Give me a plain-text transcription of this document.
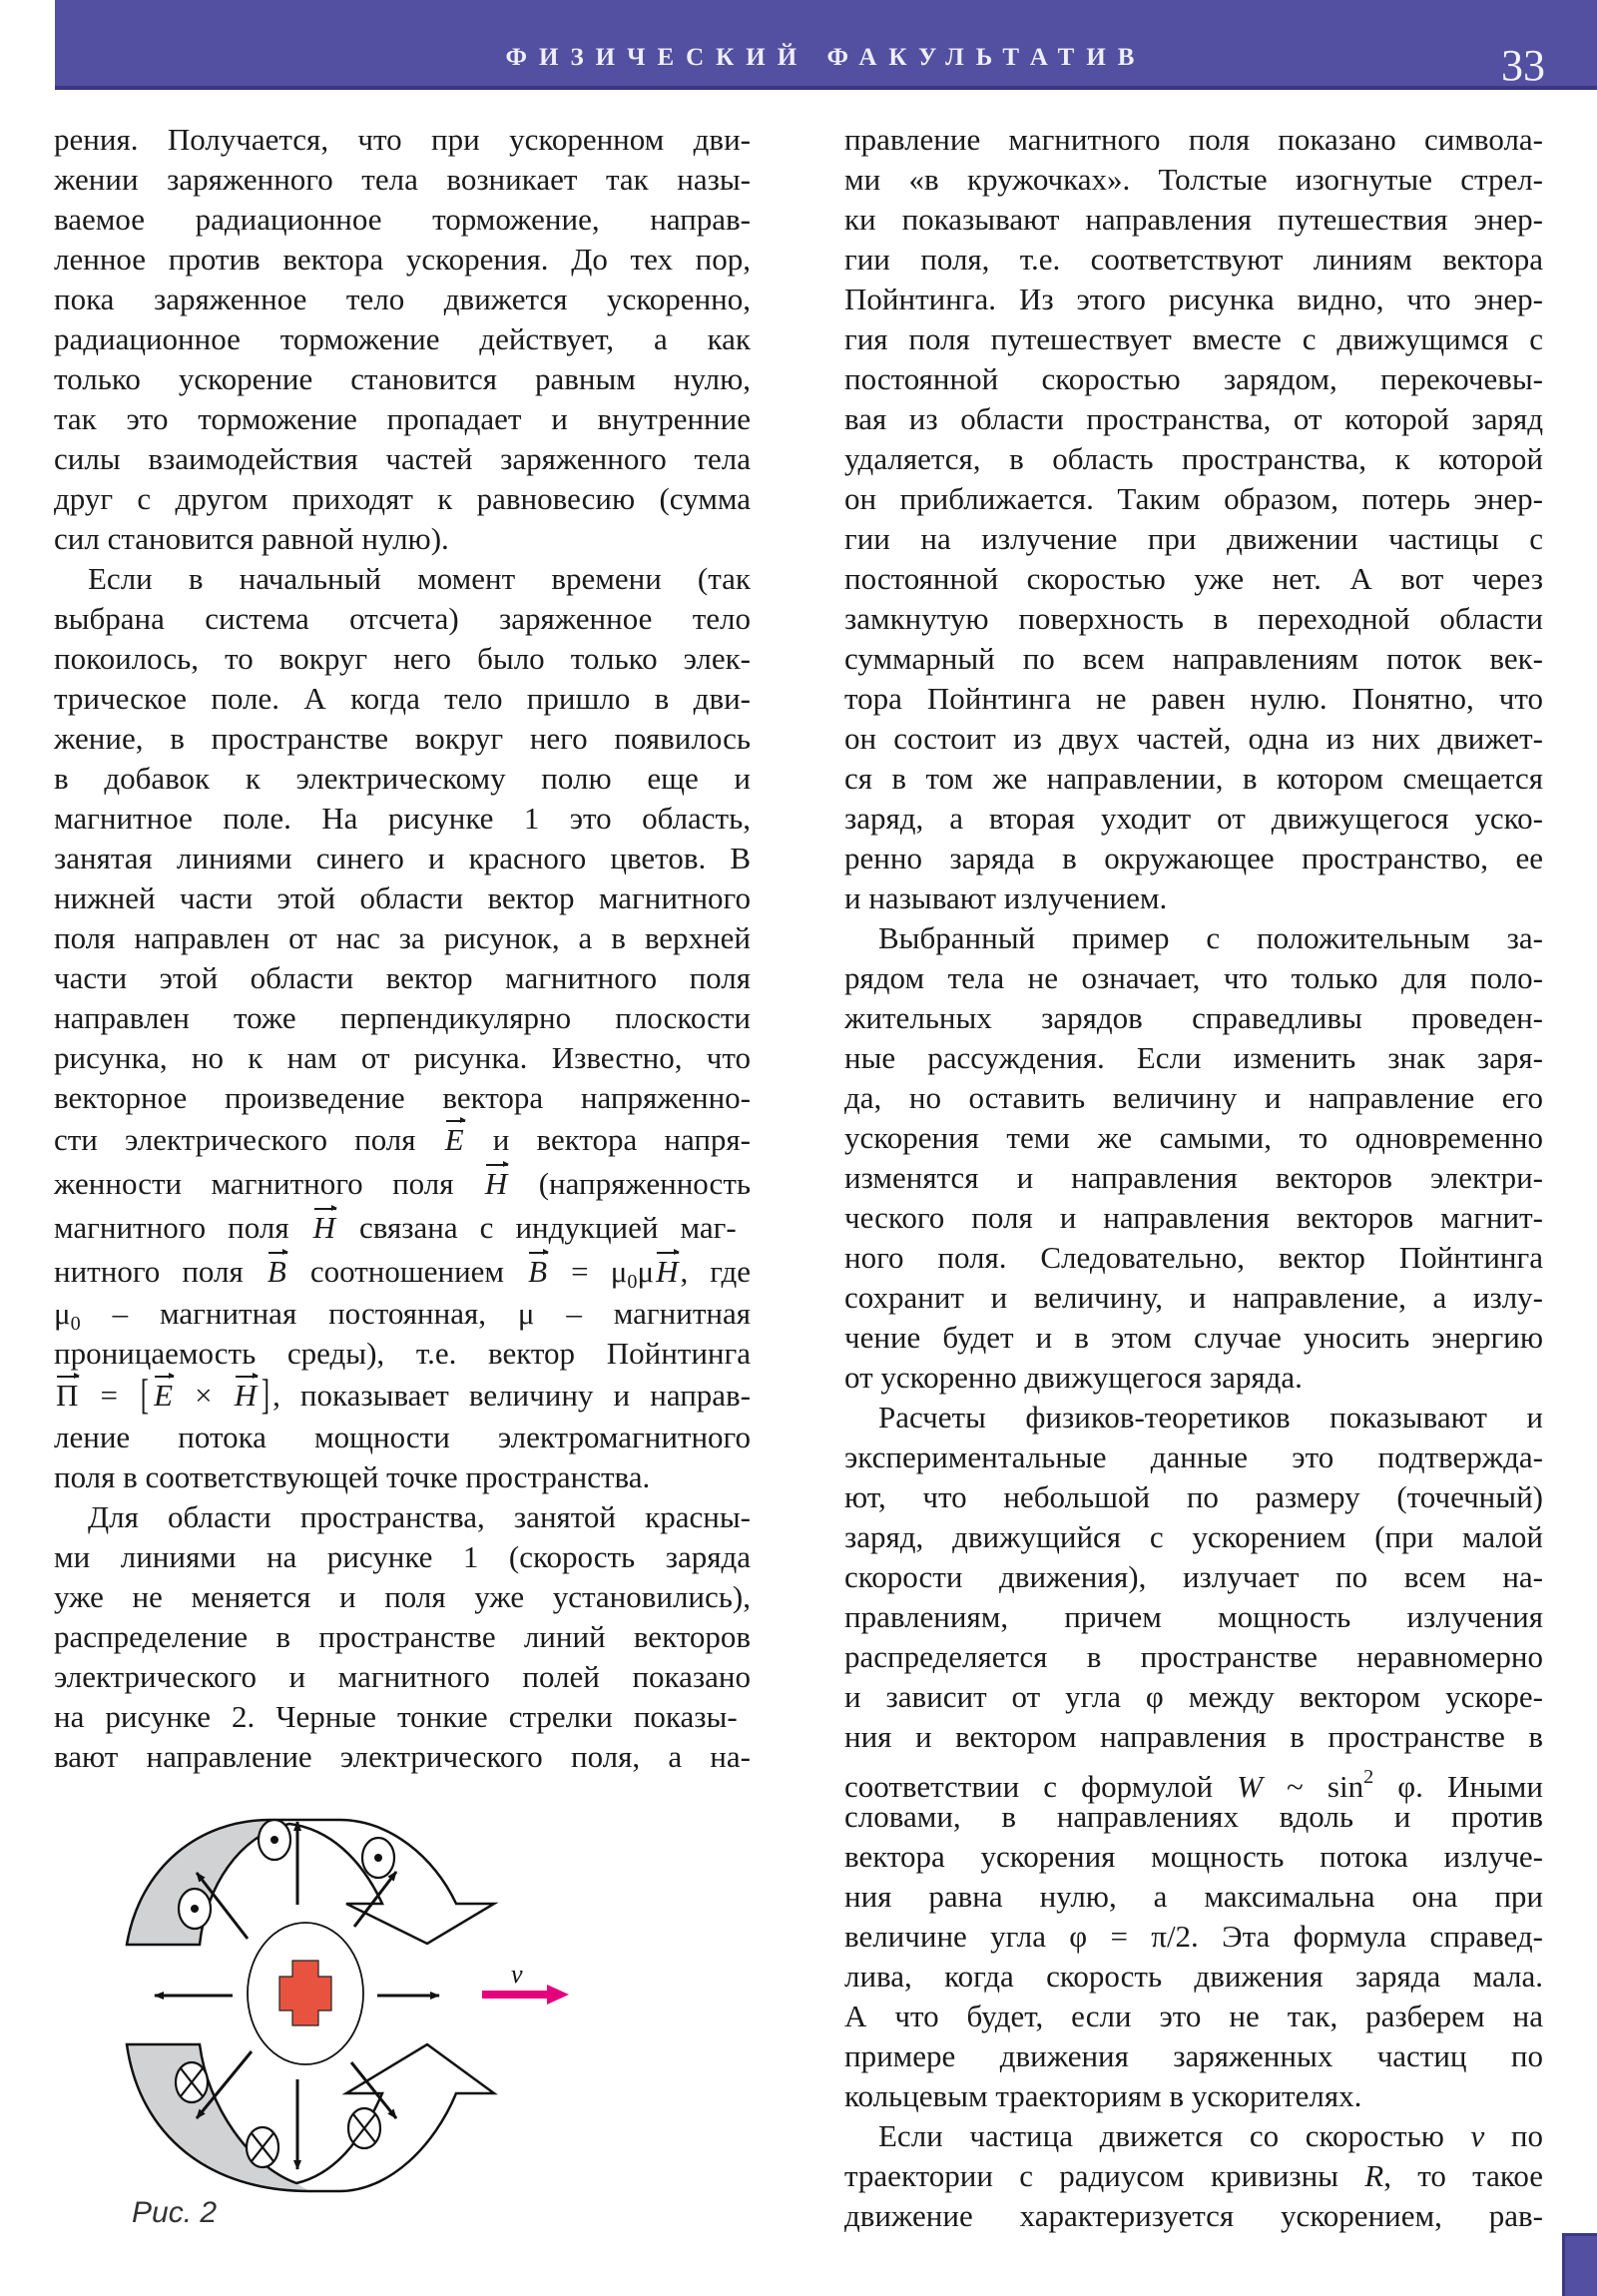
ФИЗИЧЕСКИЙ ФАКУЛЬТАТИВ	33
рения. Получается, что при ускоренном дви-
жении заряженного тела возникает так назы-
ваемое радиационное торможение, направ-
ленное против вектора ускорения. До тех пор,
пока заряженное тело движется ускоренно,
радиационное торможение действует, а как
только ускорение становится равным нулю,
так это торможение пропадает и внутренние
силы взаимодействия частей заряженного тела
друг с другом приходят к равновесию (сумма
сил становится равной нулю).
Если в начальный момент времени (так
выбрана система отсчета) заряженное тело
покоилось, то вокруг него было только элек-
трическое поле. А когда тело пришло в дви-
жение, в пространстве вокруг него появилось
в добавок к электрическому полю еще и
магнитное поле. На рисунке 1 это область,
занятая линиями синего и красного цветов. В
нижней части этой области вектор магнитного
поля направлен от нас за рисунок, а в верхней
части этой области вектор магнитного поля
направлен тоже перпендикулярно плоскости
рисунка, но к нам от рисунка. Известно, что
векторное произведение вектора напряженно-
сти электрического поля E и вектора напря-
женности магнитного поля H (напряженность
магнитного поля H связана с индукцией маг-
нитного поля B соотношением $B = \mu_0\mu H$, где
$\mu_0$ – магнитная постоянная, μ – магнитная
проницаемость среды), т.е. вектор Пойнтинга
Π = [ E × H ], показывает величину и направ-
ление потока мощности электромагнитного
поля в соответствующей точке пространства.
Для области пространства, занятой красны-
ми линиями на рисунке 1 (скорость заряда
уже не меняется и поля уже установились),
распределение в пространстве линий векторов
электрического и магнитного полей показано
на рисунке 2. Черные тонкие стрелки показы-
вают направление электрического поля, а на-
правление магнитного поля показано символа-
ми «в кружочках». Толстые изогнутые стрел-
ки показывают направления путешествия энер-
гии поля, т.е. соответствуют линиям вектора
Пойнтинга. Из этого рисунка видно, что энер-
гия поля путешествует вместе с движущимся с
постоянной скоростью зарядом, перекочевы-
вая из области пространства, от которой заряд
удаляется, в область пространства, к которой
он приближается. Таким образом, потерь энер-
гии на излучение при движении частицы с
постоянной скоростью уже нет. А вот через
замкнутую поверхность в переходной области
суммарный по всем направлениям поток век-
тора Пойнтинга не равен нулю. Понятно, что
он состоит из двух частей, одна из них движет-
ся в том же направлении, в котором смещается
заряд, а вторая уходит от движущегося уско-
ренно заряда в окружающее пространство, ее
и называют излучением.
Выбранный пример с положительным за-
рядом тела не означает, что только для поло-
жительных зарядов справедливы проведен-
ные рассуждения. Если изменить знак заря-
да, но оставить величину и направление его
ускорения теми же самыми, то одновременно
изменятся и направления векторов электри-
ческого поля и направления векторов магнит-
ного поля. Следовательно, вектор Пойнтинга
сохранит и величину, и направление, а излу-
чение будет и в этом случае уносить энергию
от ускоренно движущегося заряда.
Расчеты физиков-теоретиков показывают и
экспериментальные данные это подтвержда-
ют, что небольшой по размеру (точечный)
заряд, движущийся с ускорением (при малой
скорости движения), излучает по всем на-
правлениям, причем мощность излучения
распределяется в пространстве неравномерно
и зависит от угла φ между вектором ускоре-
ния и вектором направления в пространстве в
соответствии с формулой W ~ $\sin^2 \varphi$. Иными
словами, в направлениях вдоль и против
вектора ускорения мощность потока излуче-
ния равна нулю, а максимальна она при
величине угла φ = π/2. Эта формула справед-
лива, когда скорость движения заряда мала.
А что будет, если это не так, разберем на
примере движения заряженных частиц по
кольцевым траекториям в ускорителях.
Если частица движется со скоростью v по
траектории с радиусом кривизны R, то такое
движение характеризуется ускорением, рав-
v
Рис. 2
